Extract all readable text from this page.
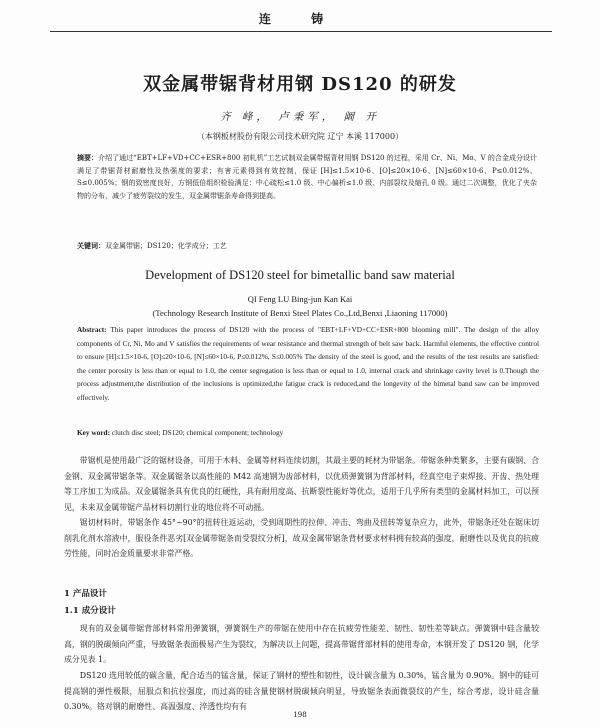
连 铸
双金属带锯背材用钢 DS120 的研发
齐 峰， 卢秉军， 阚 开
（本钢板材股份有限公司技术研究院 辽宁 本溪 117000）
摘要：介绍了通过“EBT+LF+VD+CC+ESR+800 初轧机”工艺试制双金属带锯背材用钢 DS120 的过程，采用 Cr、Ni、Mo、V 的合金成分设计满足了带锯背材耐磨性及热强度的要求；有害元素得到有效控制，保证 [H]≤1.5×10-6、[O]≤20×10-6、[N]≤60×10-6、P≤0.012%、S≤0.005%；钢的致密度良好，方钢低倍组织检验满足：中心疏松≤1.0 级、中心偏析≤1.0 级、内部裂纹及缩孔 0 级。通过二次调整，优化了夹杂物的分布，减少了疲劳裂纹的发生，双金属带锯条寿命得到提高。
关键词：双金属带锯；DS120；化学成分；工艺
Development of DS120 steel for bimetallic band saw material
QI Feng LU Bing-jun Kan Kai
(Technology Research Institute of Benxi Steel Plates Co.,Ltd,Benxi ,Liaoning 117000)
Abstract: This paper introduces the process of DS120 with the process of "EBT+LF+VD+CC+ESR+800 blooming mill". The design of the alloy components of Cr, Ni, Mo and V satisfies the requirements of wear resistance and thermal strength of belt saw back. Harmful elements, the effective control to ensure [H]≤1.5×10-6, [O]≤20×10-6, [N]≤60×10-6, P≤0.012%, S≤0.005% The density of the steel is good, and the results of the test results are satisfied: the center porosity is less than or equal to 1.0, the center segregation is less than or equal to 1.0, internal crack and shrinkage cavity level is 0.Though the process adjustment,the distribution of the inclusions is optimized,the fatigue crack is reduced,and the longevity of the bimetal band saw can be improved effectively.
Key word: clutch disc steel; DS120; chemical component; technology

带锯机是使用最广泛的锯材设备，可用于木料、金属等材料连续切割，其最主要的耗材为带锯条。带锯条种类繁多，主要有碳钢、合金钢、双金属带锯条等。双金属锯条以高性能的 M42 高速钢为齿部材料，以优质弹簧钢为背部材料，经真空电子束焊接、开齿、热处理等工序加工为成品。双金属锯条具有优良的红硬性，具有耐用度高、抗断裂性能好等优点，适用于几乎所有类型的金属材料加工，可以预见，未来双金属带锯产品材料切割行业的地位将不可动摇。

锯切材料时，带锯条作 45°~90°的扭转往返运动，受到周期性的拉伸、冲击、弯曲及扭转等复杂应力，此外，带锯条还处在锯床切削乳化剂水溶液中，服役条件恶劣[双金属带锯条而受裂纹分析]，故双金属带锯条背材要求材料拥有较高的强度，耐磨性以及优良的抗疲劳性能，同时冶金质量要求非常严格。

1 产品设计
1.1 成分设计

现有的双金属带锯背部材料常用弹簧钢，弹簧钢生产的带锯在使用中存在抗疲劳性能差、韧性、韧性差等缺点。弹簧钢中硅含量较高，钢的脱碳倾向严重，导致锯条表面极易产生为裂纹，为解决以上问题，提高带锯背部材料的使用寿命，本钢开发了 DS120 钢，化学成分见表 1。

DS120 选用较低的碳含量，配合适当的锰含量，保证了钢材的塑性和韧性，设计碳含量为 0.30%，锰含量为 0.90%。钢中的硅可提高钢的弹性极限，屈服点和抗拉强度，而过高的硅含量使钢材脱碳倾向明显，导致锯条表面微裂纹的产生，综合考虑，设计硅含量 0.30%。铬对钢的耐磨性、高温强度、淬透性均有有

198
